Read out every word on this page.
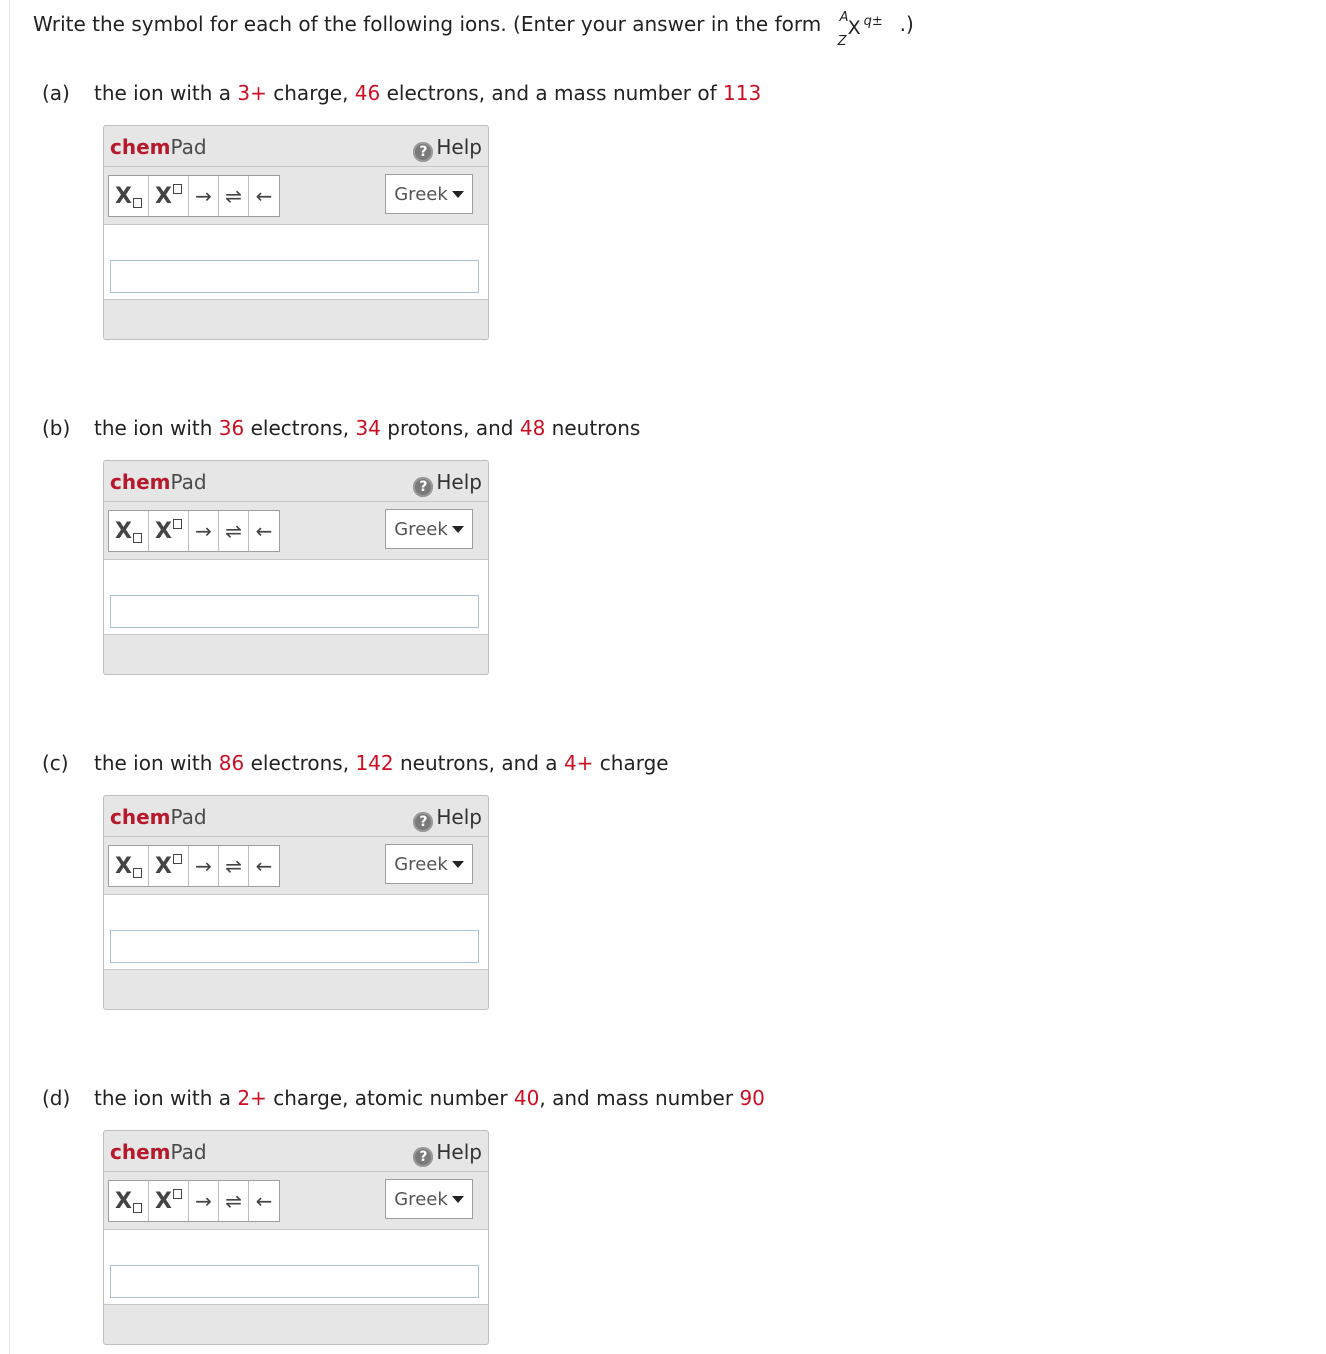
Write the symbol for each of the following ions. (Enter your answer in the form A
Z
X q± .)
(a) the ion with a 3+ charge, 46 electrons, and a mass number of 113
chemPad	? Help
X X	→ ⇌ ←	Greek
(b) the ion with 36 electrons, 34 protons, and 48 neutrons
chemPad	? Help
X X	→ ⇌ ←	Greek
(c) the ion with 86 electrons, 142 neutrons, and a 4+ charge
chemPad	? Help
X X	→ ⇌ ←	Greek
(d) the ion with a 2+ charge, atomic number 40, and mass number 90
chemPad	? Help
X X	→ ⇌ ←	Greek
